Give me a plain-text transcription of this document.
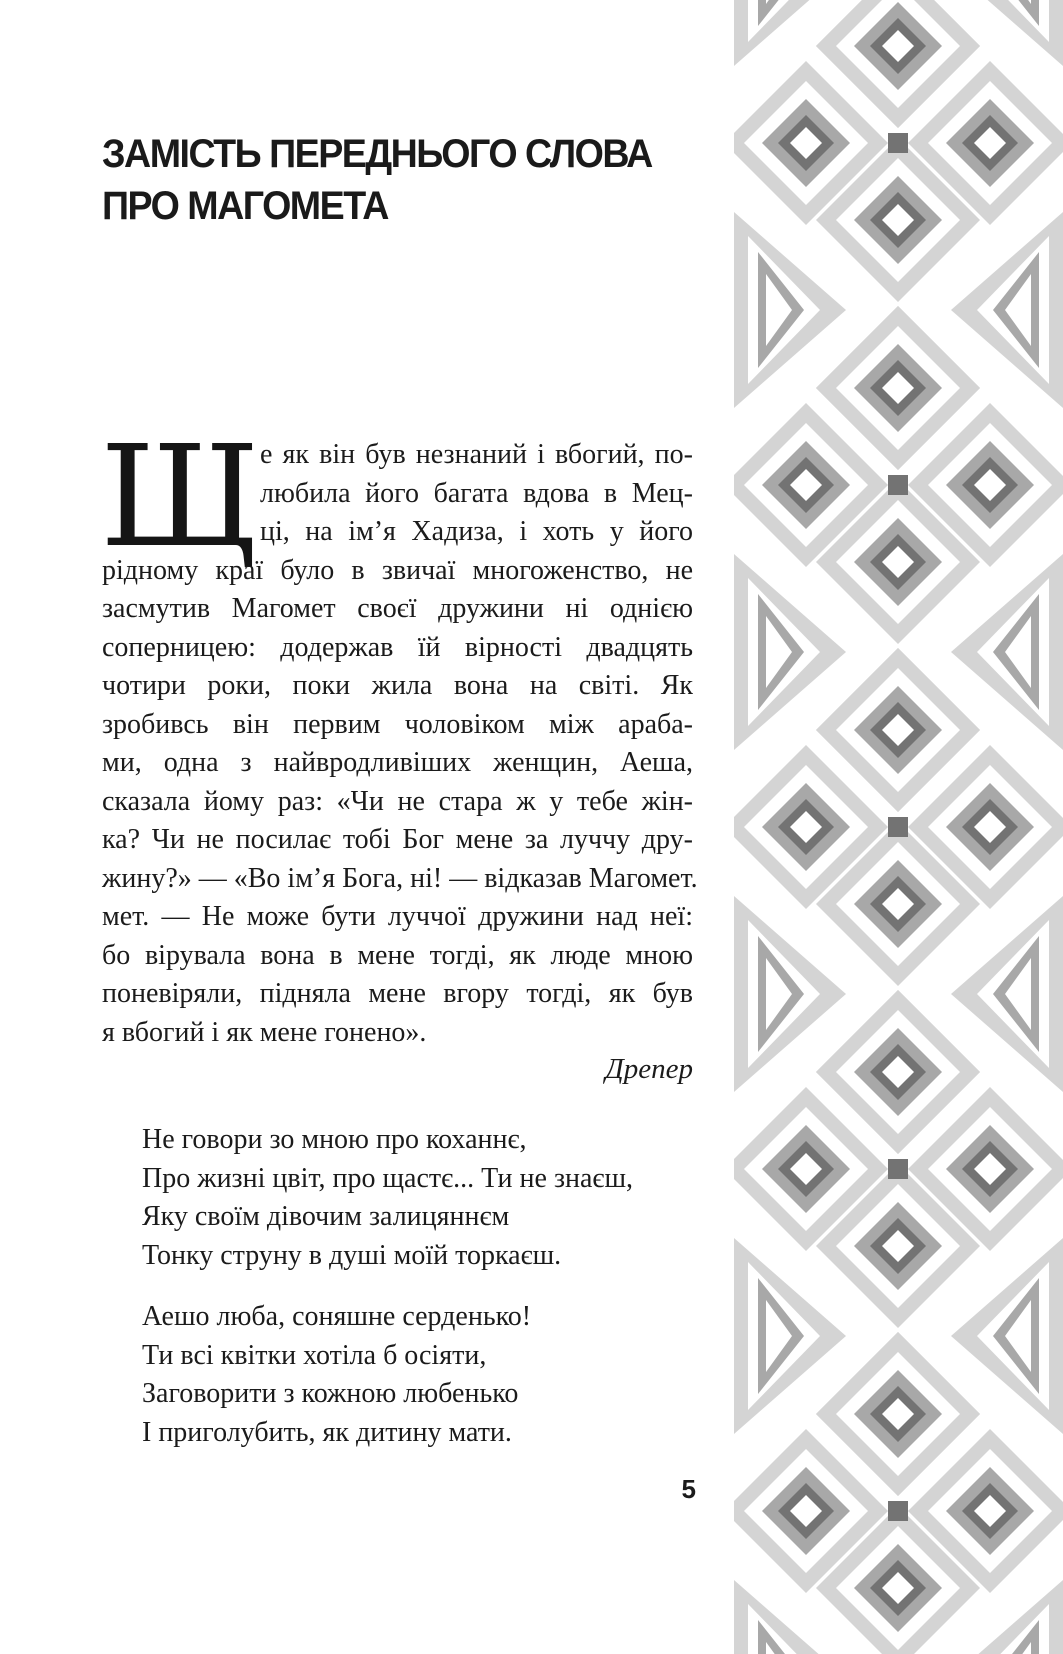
ЗАМІСТЬ ПЕРЕДНЬОГО СЛОВА
ПРО МАГОМЕТА
Щ е як він був незнаний і вбогий, по-
любила його багата вдова в Мец-
ці, на ім’я Хадиза, і хоть у його
рідному краї було в звичаї многоженство, не
засмутив Магомет своєї дружини ні однією
соперницею: додержав їй вірності двадцять
чотири роки, поки жила вона на світі. Як
зробивсь він первим чоловіком між араба-
ми, одна з найвродливіших женщин, Аеша,
сказала йому раз: «Чи не стара ж у тебе жін-
ка? Чи не посилає тобі Бог мене за луччу дру-
жину?» — «Во ім’я Бога, ні! — відказав Магомет.
мет. — Не може бути луччої дружини над неї:
бо вірувала вона в мене тогді, як люде мною
поневіряли, підняла мене вгору тогді, як був
я вбогий і як мене гонено».
Дрепер
Не говори зо мною про коханнє,
Про жизні цвіт, про щастє... Ти не знаєш,
Яку своїм дівочим залицяннєм
Тонку струну в душі моїй торкаєш.
Аешо люба, соняшне серденько!
Ти всі квітки хотіла б осіяти,
Заговорити з кожною любенько
І приголубить, як дитину мати.
5
